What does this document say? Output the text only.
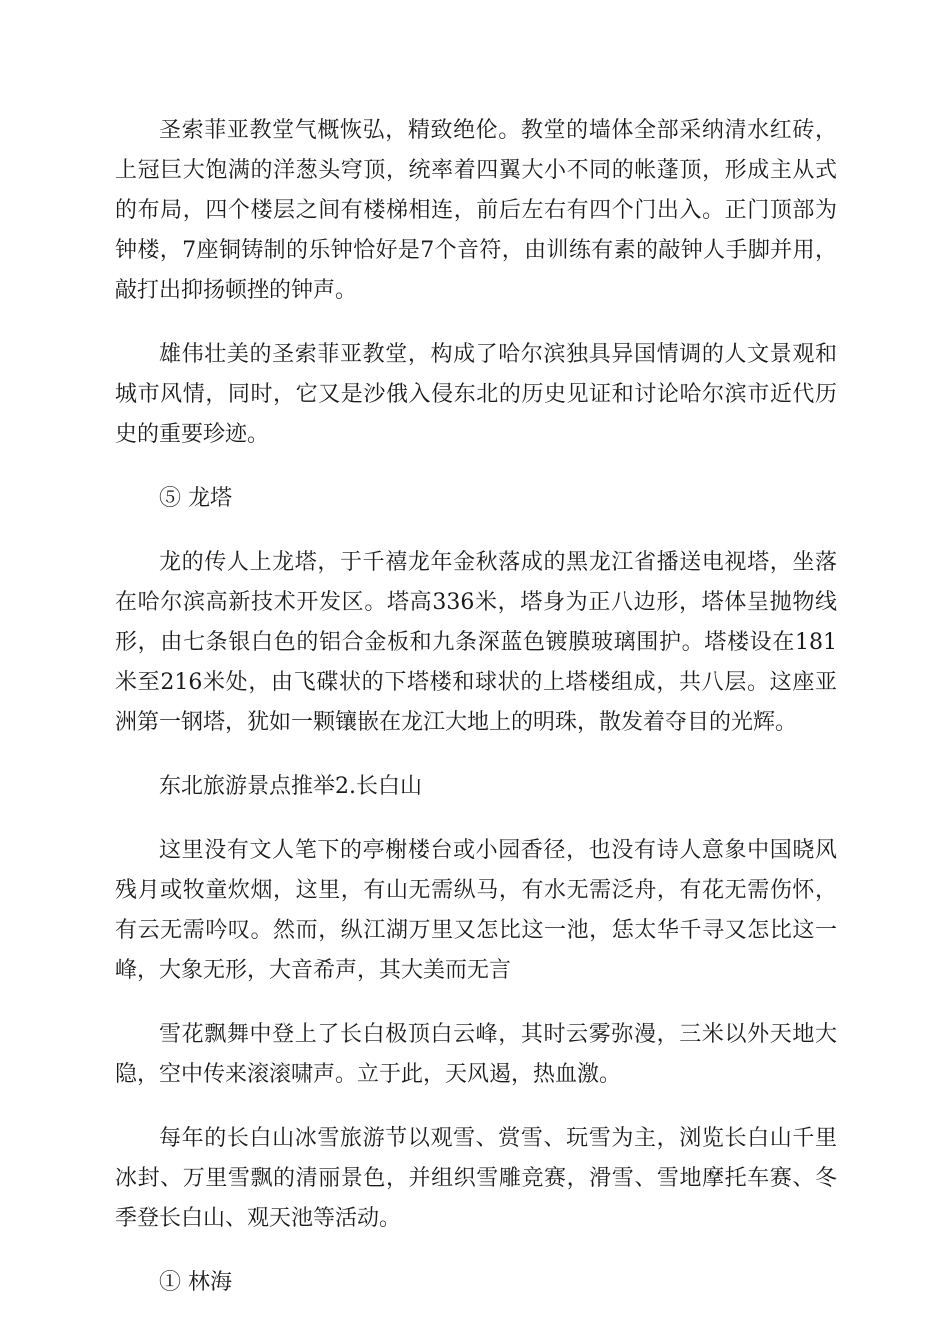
圣索菲亚教堂气概恢弘，精致绝伦。教堂的墙体全部采纳清水红砖，上冠巨大饱满的洋葱头穹顶，统率着四翼大小不同的帐蓬顶，形成主从式的布局，四个楼层之间有楼梯相连，前后左右有四个门出入。正门顶部为钟楼，7座铜铸制的乐钟恰好是7个音符，由训练有素的敲钟人手脚并用，敲打出抑扬顿挫的钟声。

雄伟壮美的圣索菲亚教堂，构成了哈尔滨独具异国情调的人文景观和城市风情，同时，它又是沙俄入侵东北的历史见证和讨论哈尔滨市近代历史的重要珍迹。

⑤ 龙塔

龙的传人上龙塔，于千禧龙年金秋落成的黑龙江省播送电视塔，坐落在哈尔滨高新技术开发区。塔高336米，塔身为正八边形，塔体呈抛物线形，由七条银白色的铝合金板和九条深蓝色镀膜玻璃围护。塔楼设在181米至216米处，由飞碟状的下塔楼和球状的上塔楼组成，共八层。这座亚洲第一钢塔，犹如一颗镶嵌在龙江大地上的明珠，散发着夺目的光辉。

东北旅游景点推举2.长白山

这里没有文人笔下的亭榭楼台或小园香径，也没有诗人意象中国晓风残月或牧童炊烟，这里，有山无需纵马，有水无需泛舟，有花无需伤怀，有云无需吟叹。然而，纵江湖万里又怎比这一池，恁太华千寻又怎比这一峰，大象无形，大音希声，其大美而无言

雪花飘舞中登上了长白极顶白云峰，其时云雾弥漫，三米以外天地大隐，空中传来滚滚啸声。立于此，天风遏，热血激。

每年的长白山冰雪旅游节以观雪、赏雪、玩雪为主，浏览长白山千里冰封、万里雪飘的清丽景色，并组织雪雕竞赛，滑雪、雪地摩托车赛、冬季登长白山、观天池等活动。

① 林海
